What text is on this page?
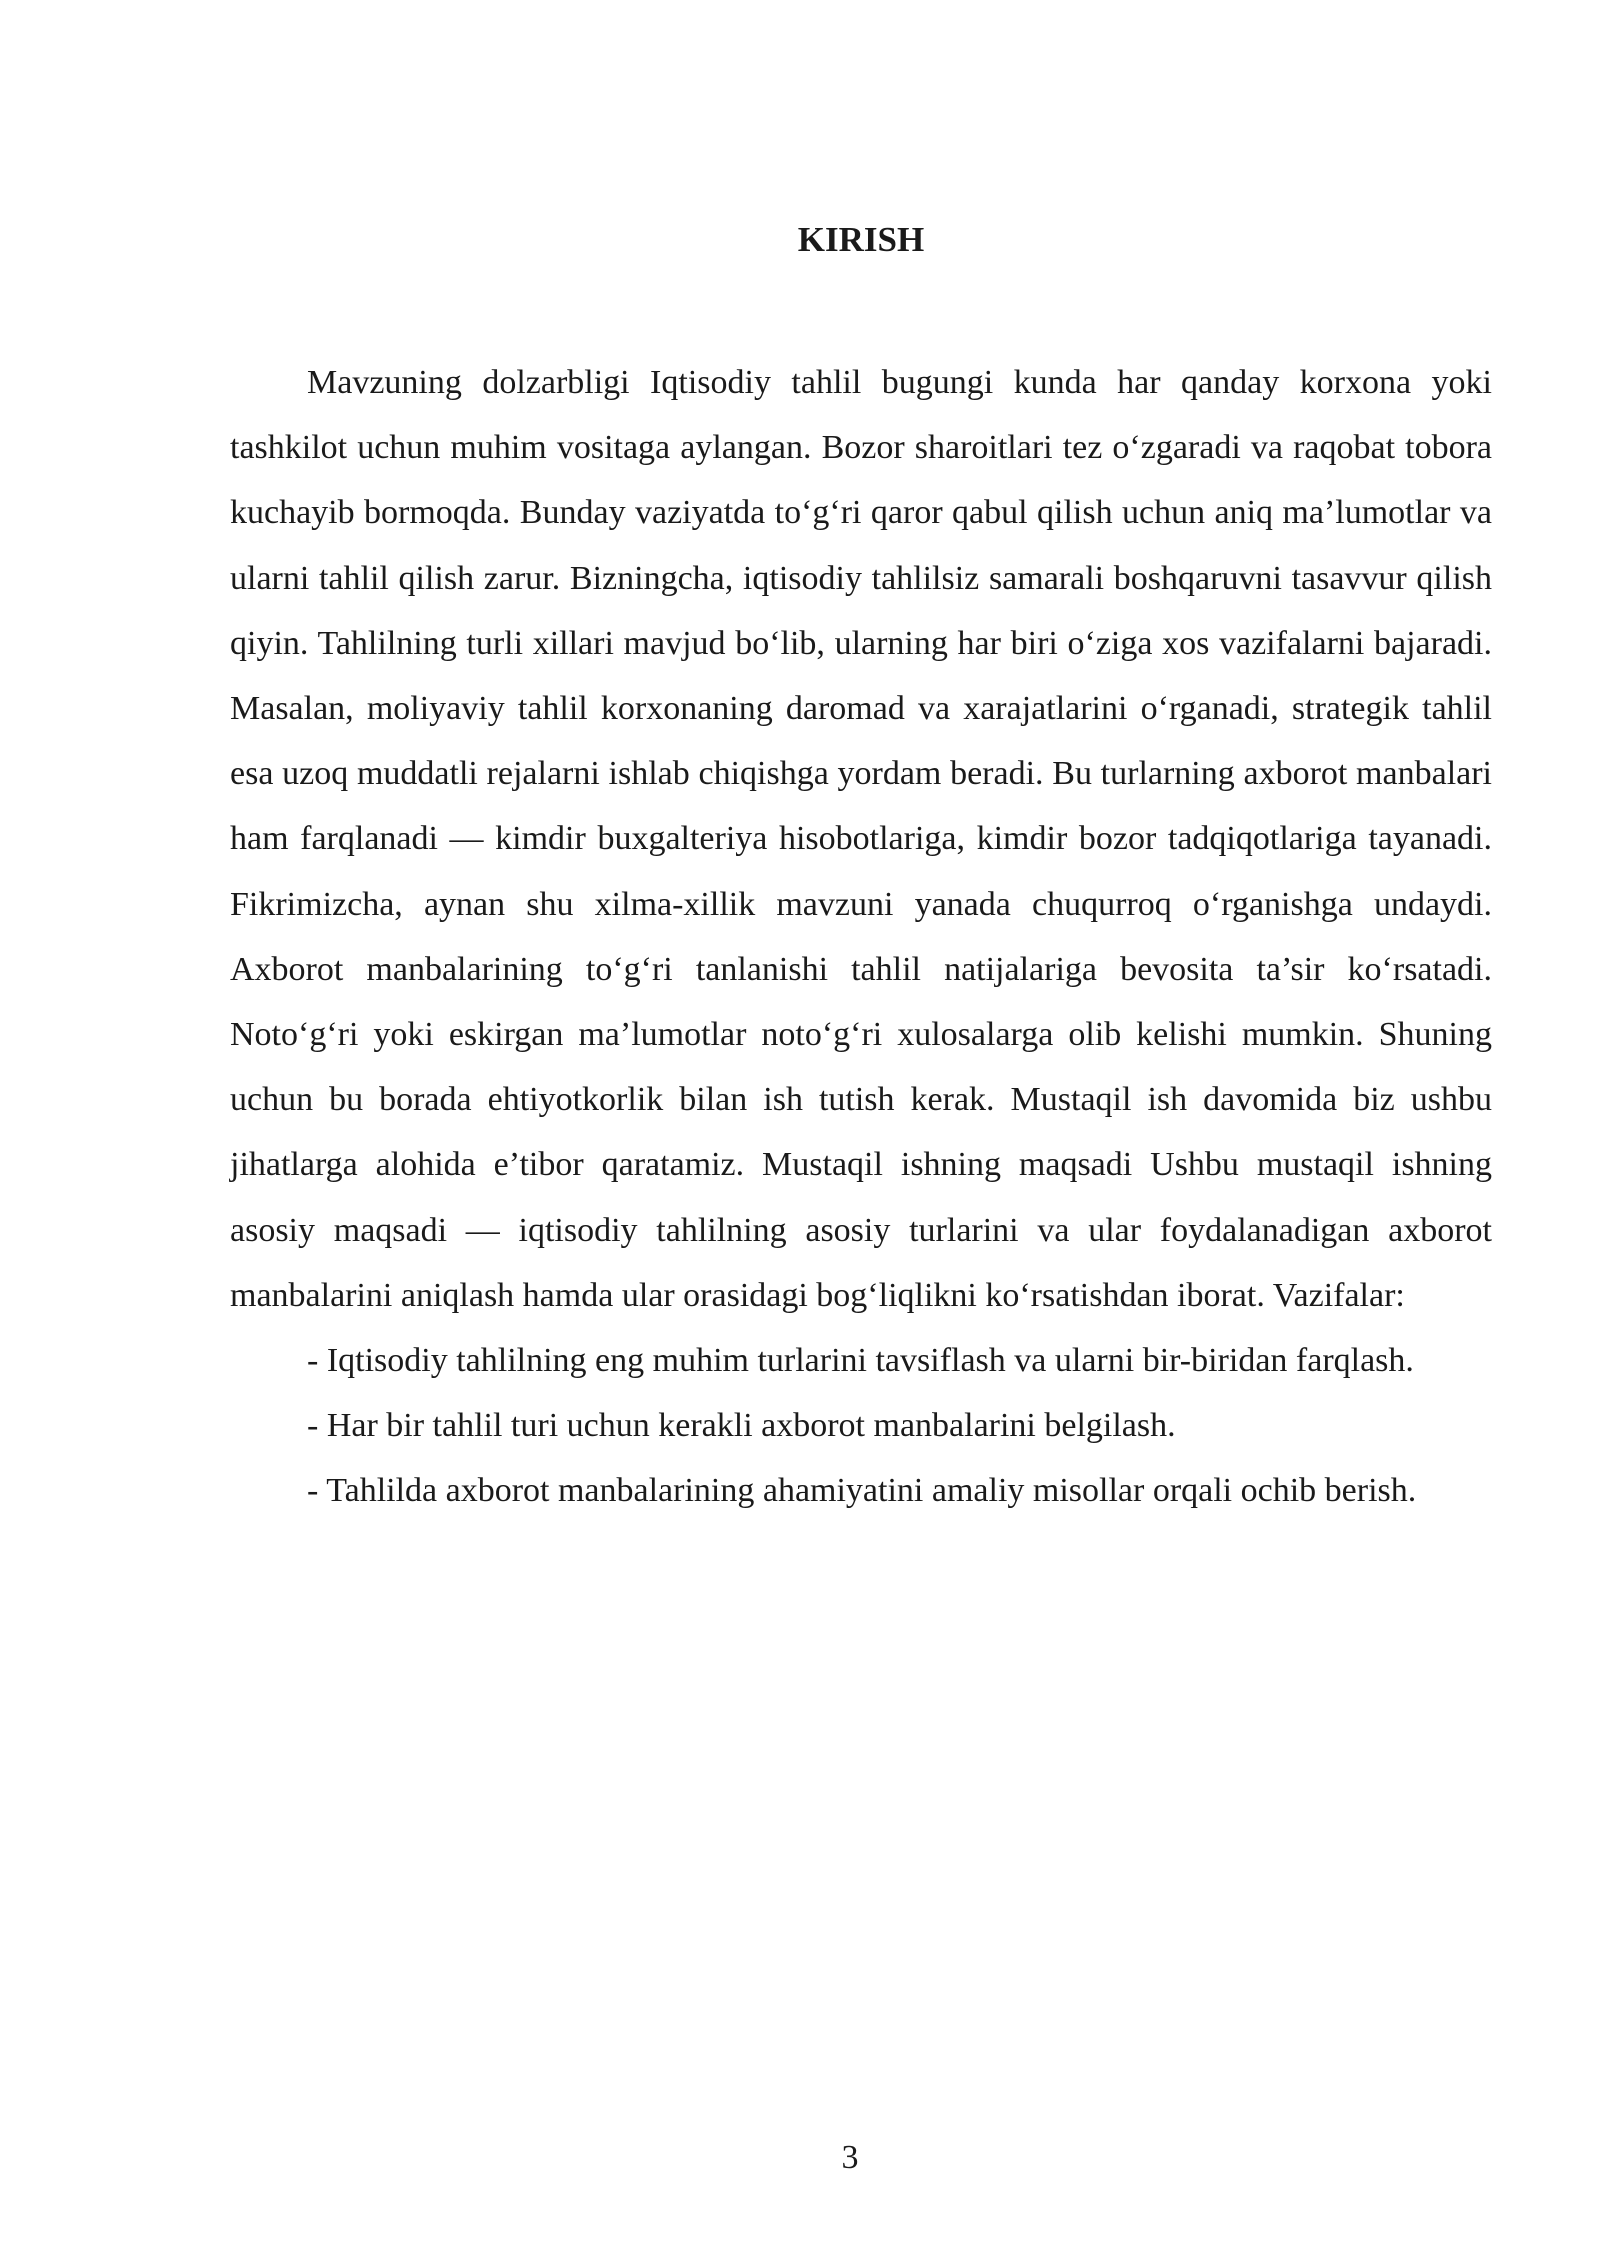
KIRISH

Mavzuning dolzarbligi Iqtisodiy tahlil bugungi kunda har qanday korxona yoki tashkilot uchun muhim vositaga aylangan. Bozor sharoitlari tez o‘zgaradi va raqobat tobora kuchayib bormoqda. Bunday vaziyatda to‘g‘ri qaror qabul qilish uchun aniq ma’lumotlar va ularni tahlil qilish zarur. Bizningcha, iqtisodiy tahlilsiz samarali boshqaruvni tasavvur qilish qiyin. Tahlilning turli xillari mavjud bo‘lib, ularning har biri o‘ziga xos vazifalarni bajaradi. Masalan, moliyaviy tahlil korxonaning daromad va xarajatlarini o‘rganadi, strategik tahlil esa uzoq muddatli rejalarni ishlab chiqishga yordam beradi. Bu turlarning axborot manbalari ham farqlanadi — kimdir buxgalteriya hisobotlariga, kimdir bozor tadqiqotlariga tayanadi. Fikrimizcha, aynan shu xilma-xillik mavzuni yanada chuqurroq o‘rganishga undaydi. Axborot manbalarining to‘g‘ri tanlanishi tahlil natijalariga bevosita ta’sir ko‘rsatadi. Noto‘g‘ri yoki eskirgan ma’lumotlar noto‘g‘ri xulosalarga olib kelishi mumkin. Shuning uchun bu borada ehtiyotkorlik bilan ish tutish kerak. Mustaqil ish davomida biz ushbu jihatlarga alohida e’tibor qaratamiz. Mustaqil ishning maqsadi Ushbu mustaqil ishning asosiy maqsadi — iqtisodiy tahlilning asosiy turlarini va ular foydalanadigan axborot manbalarini aniqlash hamda ular orasidagi bog‘liqlikni ko‘rsatishdan iborat. Vazifalar:

- Iqtisodiy tahlilning eng muhim turlarini tavsiflash va ularni bir-biridan farqlash.

- Har bir tahlil turi uchun kerakli axborot manbalarini belgilash.

- Tahlilda axborot manbalarining ahamiyatini amaliy misollar orqali ochib berish.

3
